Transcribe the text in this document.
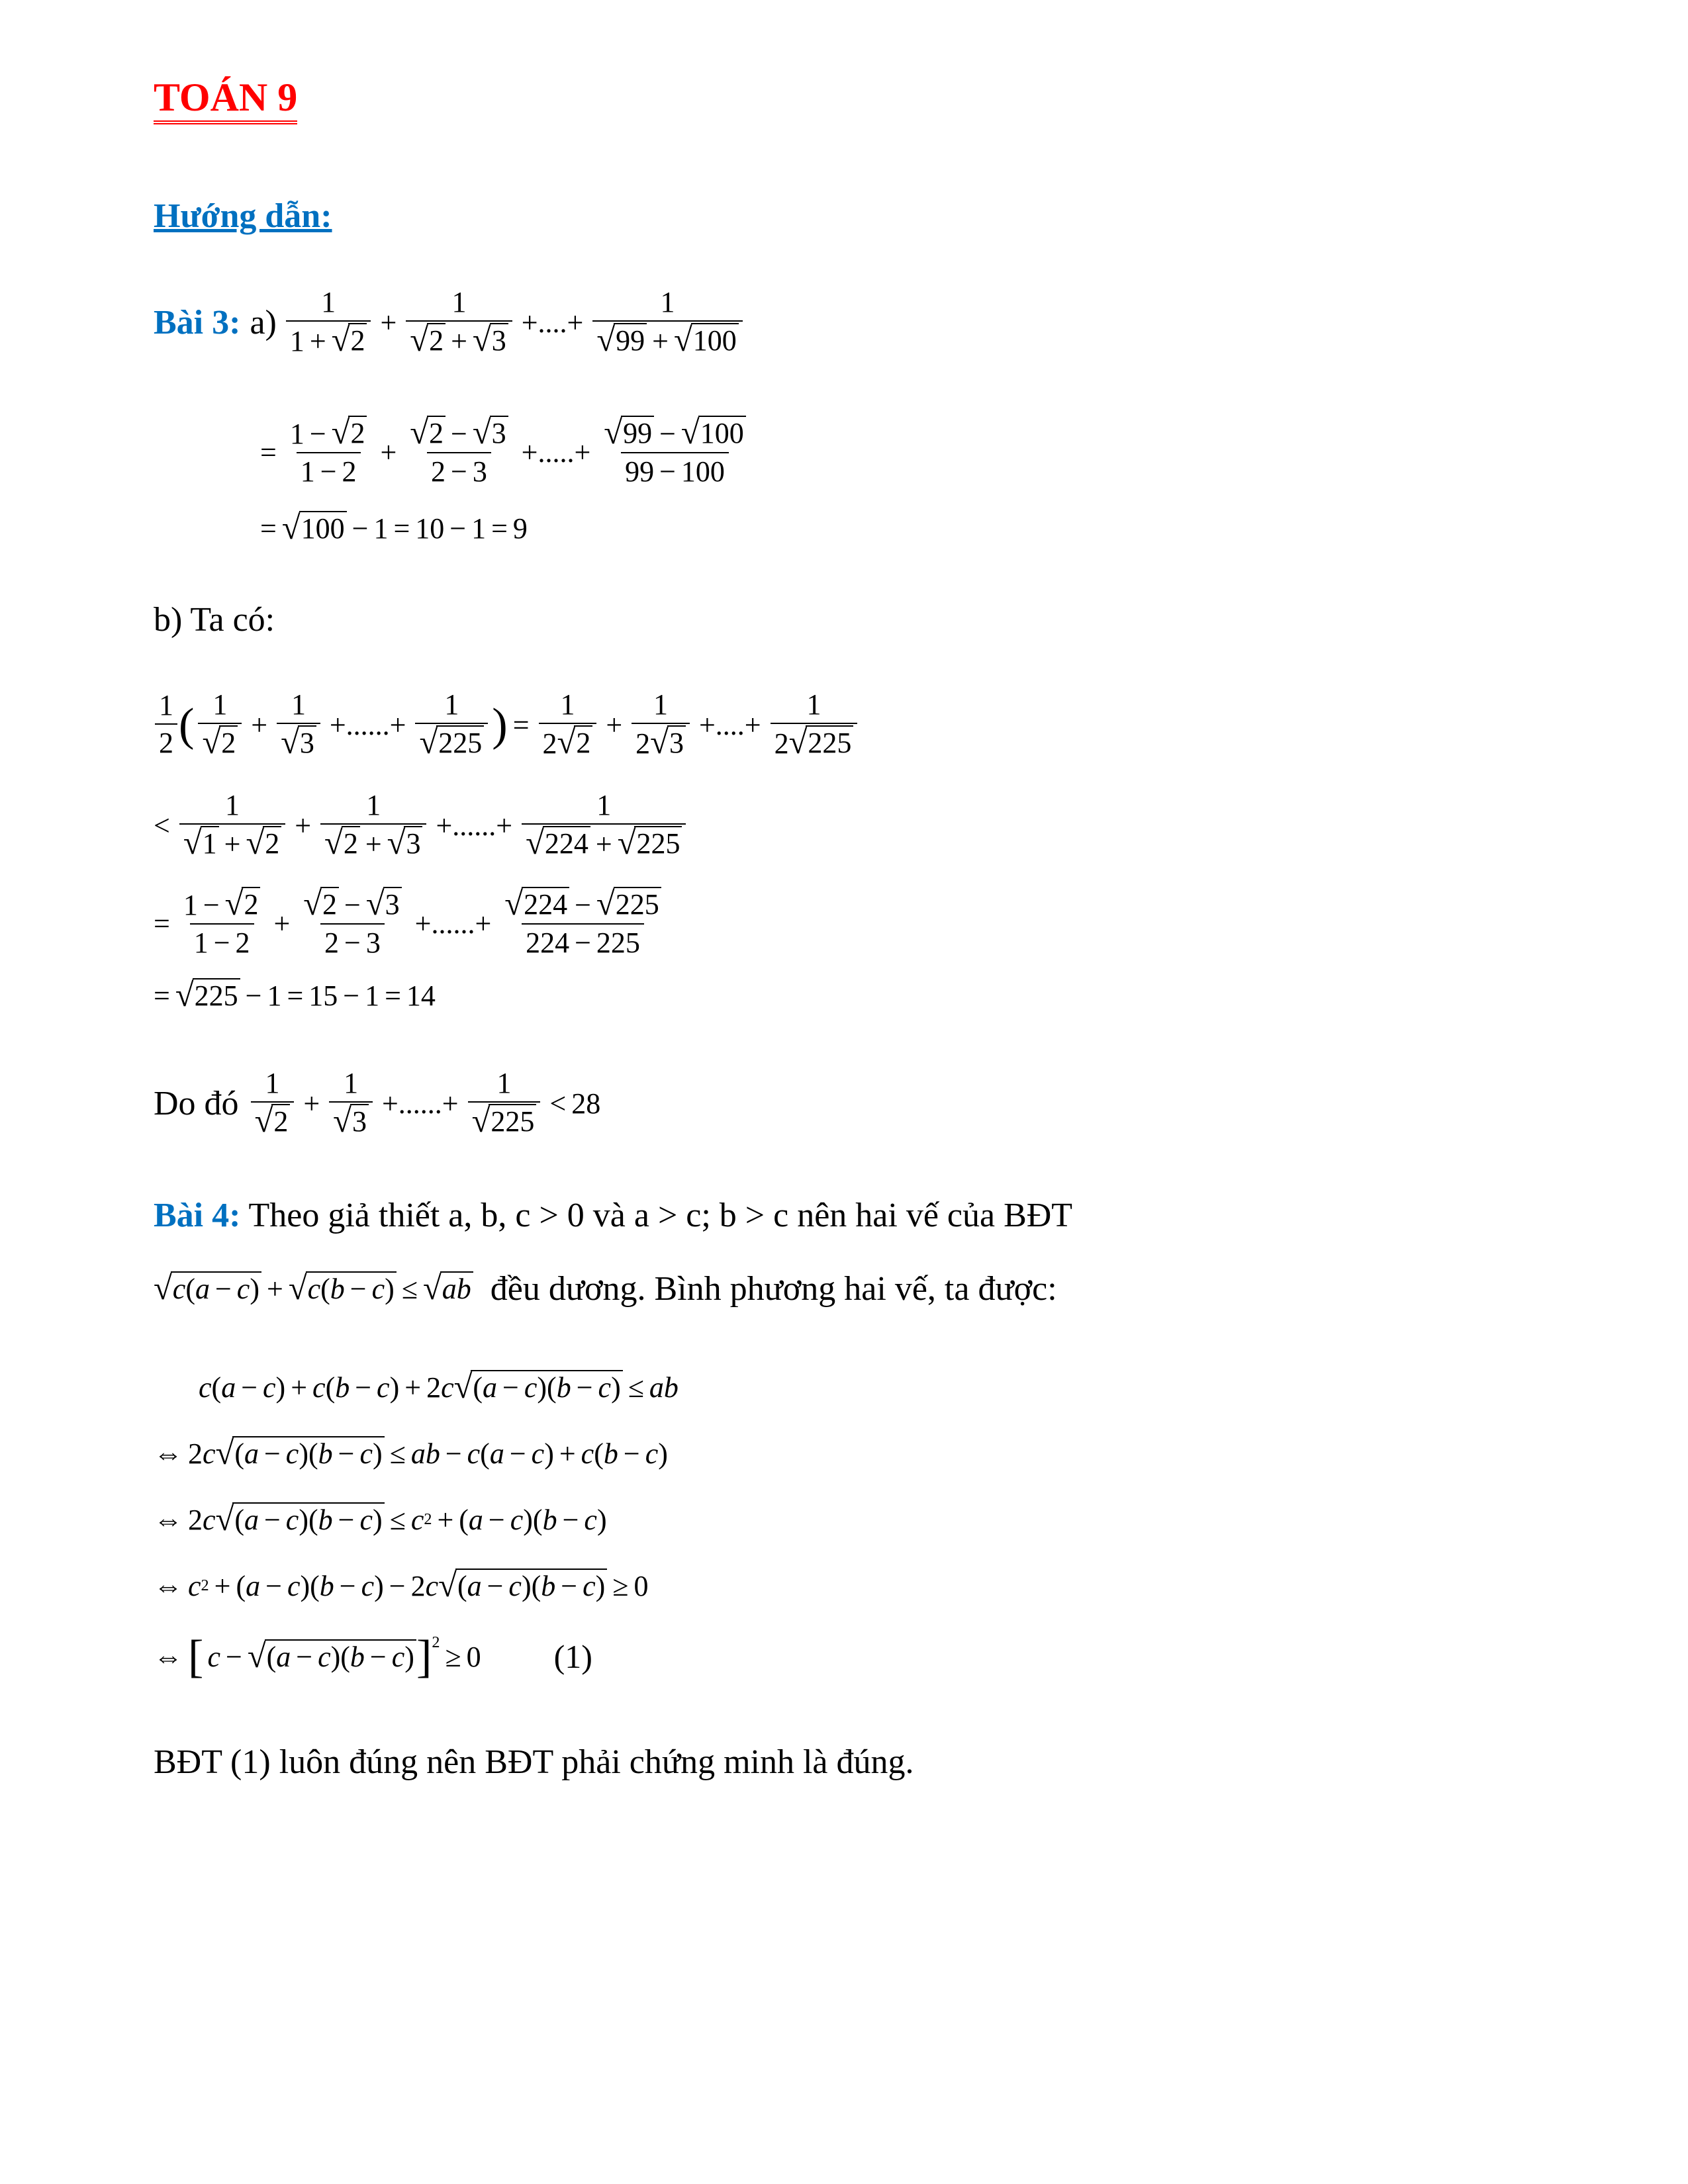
TOÁN 9
Hướng dẫn:
Bài 3: $a) \frac{1}{1 + √ 2} + \frac{1}{√ 2 + √ 3}$ +....+ $\frac{1}{√ 99 + √ 100}$
= $\frac{1 - √ 2}{1 - 2} + \frac{√ 2 - √ 3}{2 - 3}$ +.....+ $\frac{√ 99 - √ 100}{99 - 100}$
= √ 100 − 1 = 10 − 1 = 9
b) Ta có:
$\frac{1}{2}$ ( $\frac{1}{√ 2} + \frac{1}{√ 3}$ +......+ $\frac{1}{√ 225}$ ) = $\frac{1}{2 √ 2} + \frac{1}{2 √ 3}$ +....+ $\frac{1}{2 √ 225}$
< $\frac{1}{√ 1 + √ 2} + \frac{1}{√ 2 + √ 3}$ +......+ $\frac{1}{√ 224 + √ 225}$
= $\frac{1 - √ 2}{1 - 2} + \frac{√ 2 - √ 3}{2 - 3}$ +......+ $\frac{√ 224 - √ 225}{224 - 225}$
= √ 225 − 1 = 15 − 1 = 14
Do đó $\frac{1}{√ 2} + \frac{1}{√ 3}$ +......+ $\frac{1}{√ 225} < 28$
Bài 4: Theo giả thiết a, b, c > 0 và a > c; b > c nên hai vế của BĐT
√ c(a − c) + √ c(b − c) ≤ √ ab đều dương. Bình phương hai vế, ta được:
c ( a − c ) + c ( b − c ) + 2 c √ (a − c)(b − c) ≤ ab
⇔ 2 c √ (a − c)(b − c) ≤ ab − c ( a − c ) + c ( b − c )
⇔ 2 c √ (a − c)(b − c) ≤ c 2 + ( a − c )( b − c )
⇔ c 2 + ( a − c )( b − c ) − 2 c √ (a − c)(b − c) ≥ 0
⇔ [ c − √ (a − c)(b − c) ]$^2$ ≥ 0 (1)
BĐT (1) luôn đúng nên BĐT phải chứng minh là đúng.
